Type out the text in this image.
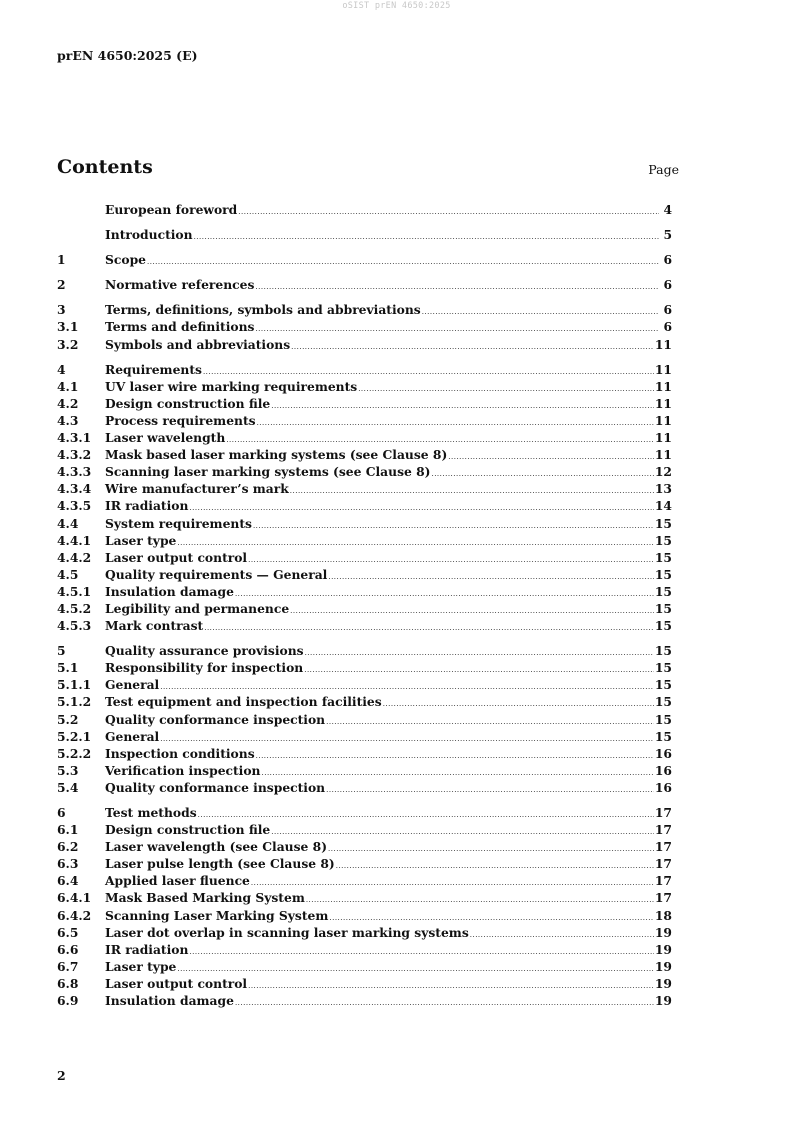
oSIST prEN 4650:2025
prEN 4650:2025 (E)
Contents	Page
European foreword .....	4
Introduction .....	5
1	Scope .....	6
2	Normative references .....	6
3	Terms, definitions, symbols and abbreviations .....	6
3.1	Terms and definitions .....	6
3.2	Symbols and abbreviations .....	11
4	Requirements .....	11
4.1	UV laser wire marking requirements .....	11
4.2	Design construction file .....	11
4.3	Process requirements .....	11
4.3.1	Laser wavelength .....	11
4.3.2	Mask based laser marking systems (see Clause 8) .....	11
4.3.3	Scanning laser marking systems (see Clause 8) .....	12
4.3.4	Wire manufacturer’s mark .....	13
4.3.5	IR radiation .....	14
4.4	System requirements .....	15
4.4.1	Laser type .....	15
4.4.2	Laser output control .....	15
4.5	Quality requirements — General .....	15
4.5.1	Insulation damage .....	15
4.5.2	Legibility and permanence .....	15
4.5.3	Mark contrast .....	15
5	Quality assurance provisions .....	15
5.1	Responsibility for inspection .....	15
5.1.1	General .....	15
5.1.2	Test equipment and inspection facilities .....	15
5.2	Quality conformance inspection .....	15
5.2.1	General .....	15
5.2.2	Inspection conditions .....	16
5.3	Verification inspection .....	16
5.4	Quality conformance inspection .....	16
6	Test methods .....	17
6.1	Design construction file .....	17
6.2	Laser wavelength (see Clause 8) .....	17
6.3	Laser pulse length (see Clause 8) .....	17
6.4	Applied laser fluence .....	17
6.4.1	Mask Based Marking System .....	17
6.4.2	Scanning Laser Marking System .....	18
6.5	Laser dot overlap in scanning laser marking systems .....	19
6.6	IR radiation .....	19
6.7	Laser type .....	19
6.8	Laser output control .....	19
6.9	Insulation damage .....	19
2
